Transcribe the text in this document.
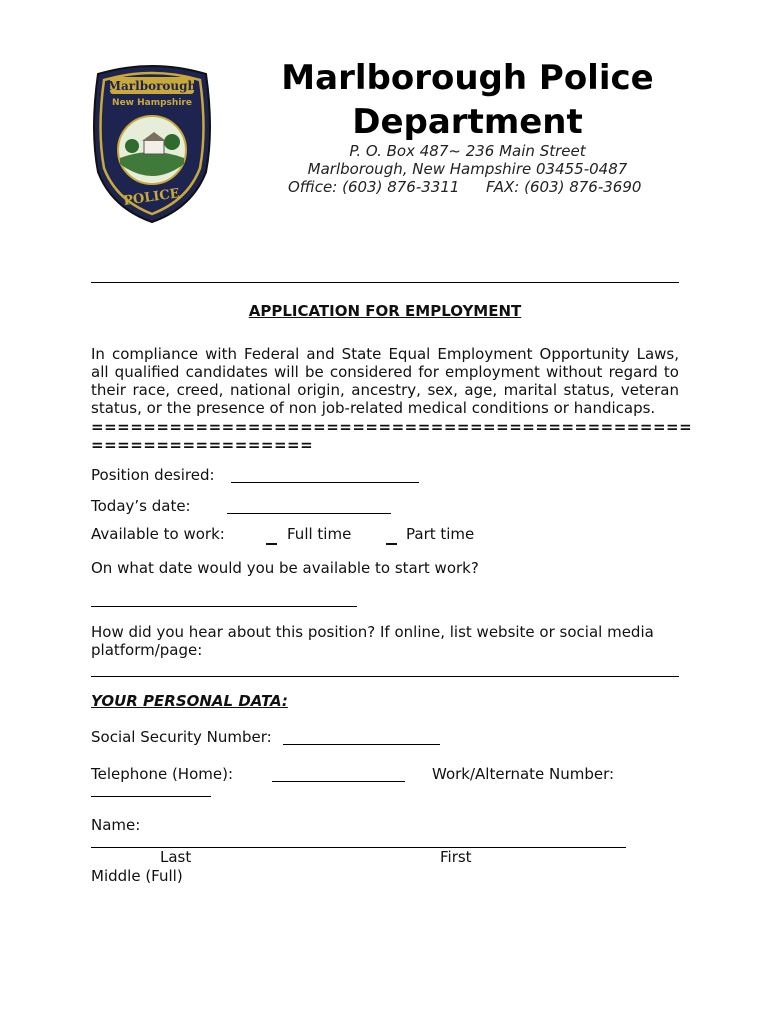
Marlborough
New Hampshire
POLICE
Marlborough Police Department
P. O. Box 487~ 236 Main Street
Marlborough, New Hampshire 03455-0487
Office: (603) 876-3311 FAX: (603) 876-3690
APPLICATION FOR EMPLOYMENT
In compliance with Federal and State Equal Employment Opportunity Laws, all qualified candidates will be considered for employment without regard to their race, creed, national origin, ancestry, sex, age, marital status, veteran status, or the presence of non job-related medical conditions or handicaps.
==============================================
=================
Position desired:
Today’s date:
Available to work:	Full time	Part time
On what date would you be available to start work?
How did you hear about this position? If online, list website or social media platform/page:
YOUR PERSONAL DATA:
Social Security Number:
Telephone (Home):	Work/Alternate Number:
Name:
Last	First
Middle (Full)
